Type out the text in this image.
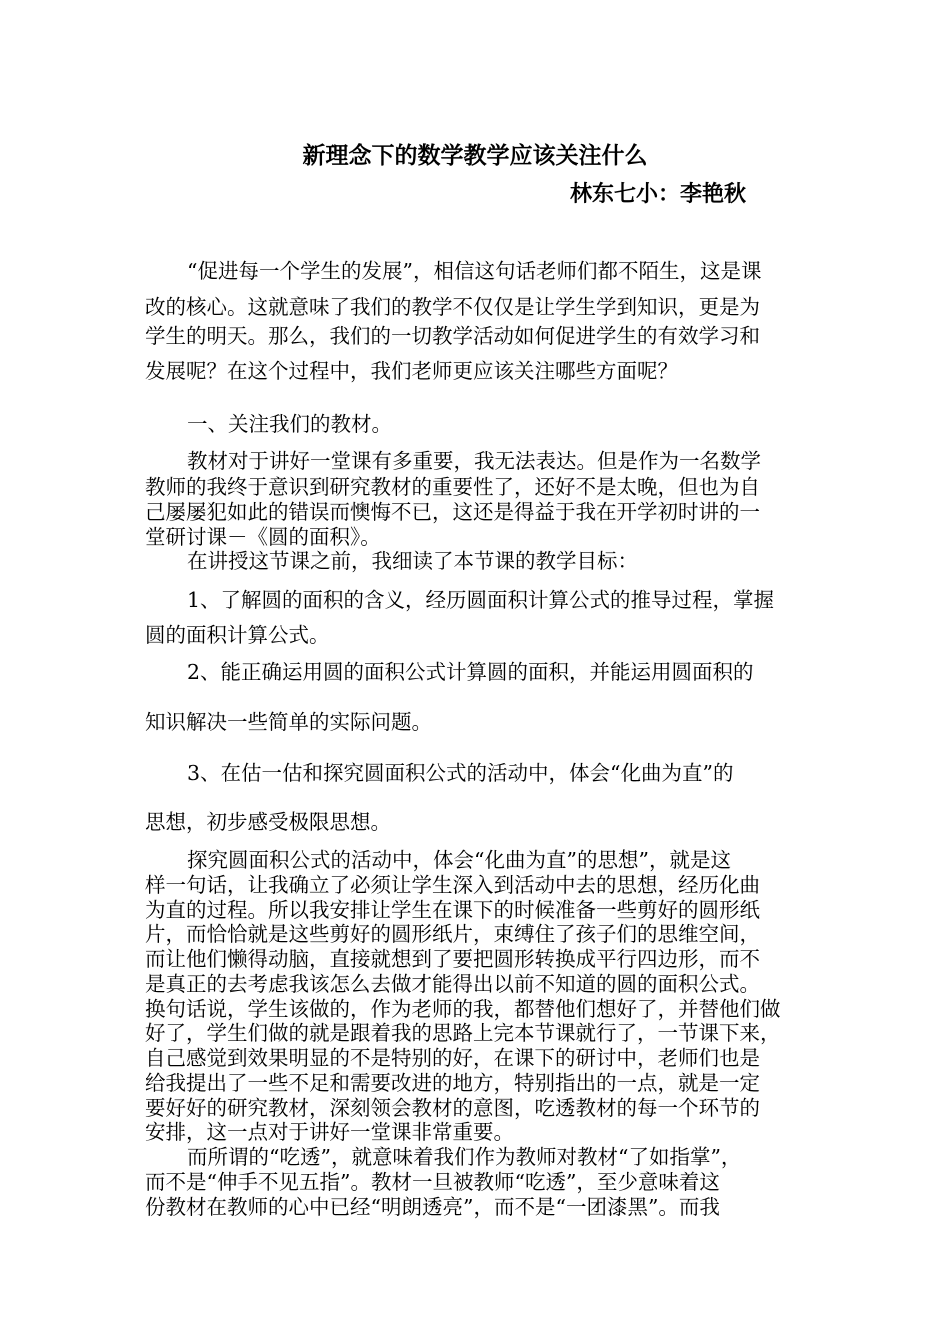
新理念下的数学教学应该关注什么
林东七小：李艳秋
“促进每一个学生的发展”，相信这句话老师们都不陌生，这是课
改的核心。这就意味了我们的教学不仅仅是让学生学到知识，更是为
学生的明天。那么，我们的一切教学活动如何促进学生的有效学习和
发展呢？在这个过程中，我们老师更应该关注哪些方面呢？
一、关注我们的教材。
教材对于讲好一堂课有多重要，我无法表达。但是作为一名数学
教师的我终于意识到研究教材的重要性了，还好不是太晚，但也为自
己屡屡犯如此的错误而懊悔不已，这还是得益于我在开学初时讲的一
堂研讨课－《圆的面积》。
在讲授这节课之前，我细读了本节课的教学目标：
1、了解圆的面积的含义，经历圆面积计算公式的推导过程，掌握
圆的面积计算公式。
2、能正确运用圆的面积公式计算圆的面积，并能运用圆面积的
知识解决一些简单的实际问题。
3、在估一估和探究圆面积公式的活动中，体会“化曲为直”的
思想，初步感受极限思想。
探究圆面积公式的活动中，体会“化曲为直”的思想”，就是这
样一句话，让我确立了必须让学生深入到活动中去的思想，经历化曲
为直的过程。所以我安排让学生在课下的时候准备一些剪好的圆形纸
片，而恰恰就是这些剪好的圆形纸片，束缚住了孩子们的思维空间，
而让他们懒得动脑，直接就想到了要把圆形转换成平行四边形，而不
是真正的去考虑我该怎么去做才能得出以前不知道的圆的面积公式。
换句话说，学生该做的，作为老师的我，都替他们想好了，并替他们做
好了，学生们做的就是跟着我的思路上完本节课就行了，一节课下来，
自己感觉到效果明显的不是特别的好，在课下的研讨中，老师们也是
给我提出了一些不足和需要改进的地方，特别指出的一点，就是一定
要好好的研究教材，深刻领会教材的意图，吃透教材的每一个环节的
安排，这一点对于讲好一堂课非常重要。
而所谓的“吃透”，就意味着我们作为教师对教材“了如指掌”，
而不是“伸手不见五指”。教材一旦被教师“吃透”，至少意味着这
份教材在教师的心中已经“明朗透亮”，而不是“一团漆黑”。而我
